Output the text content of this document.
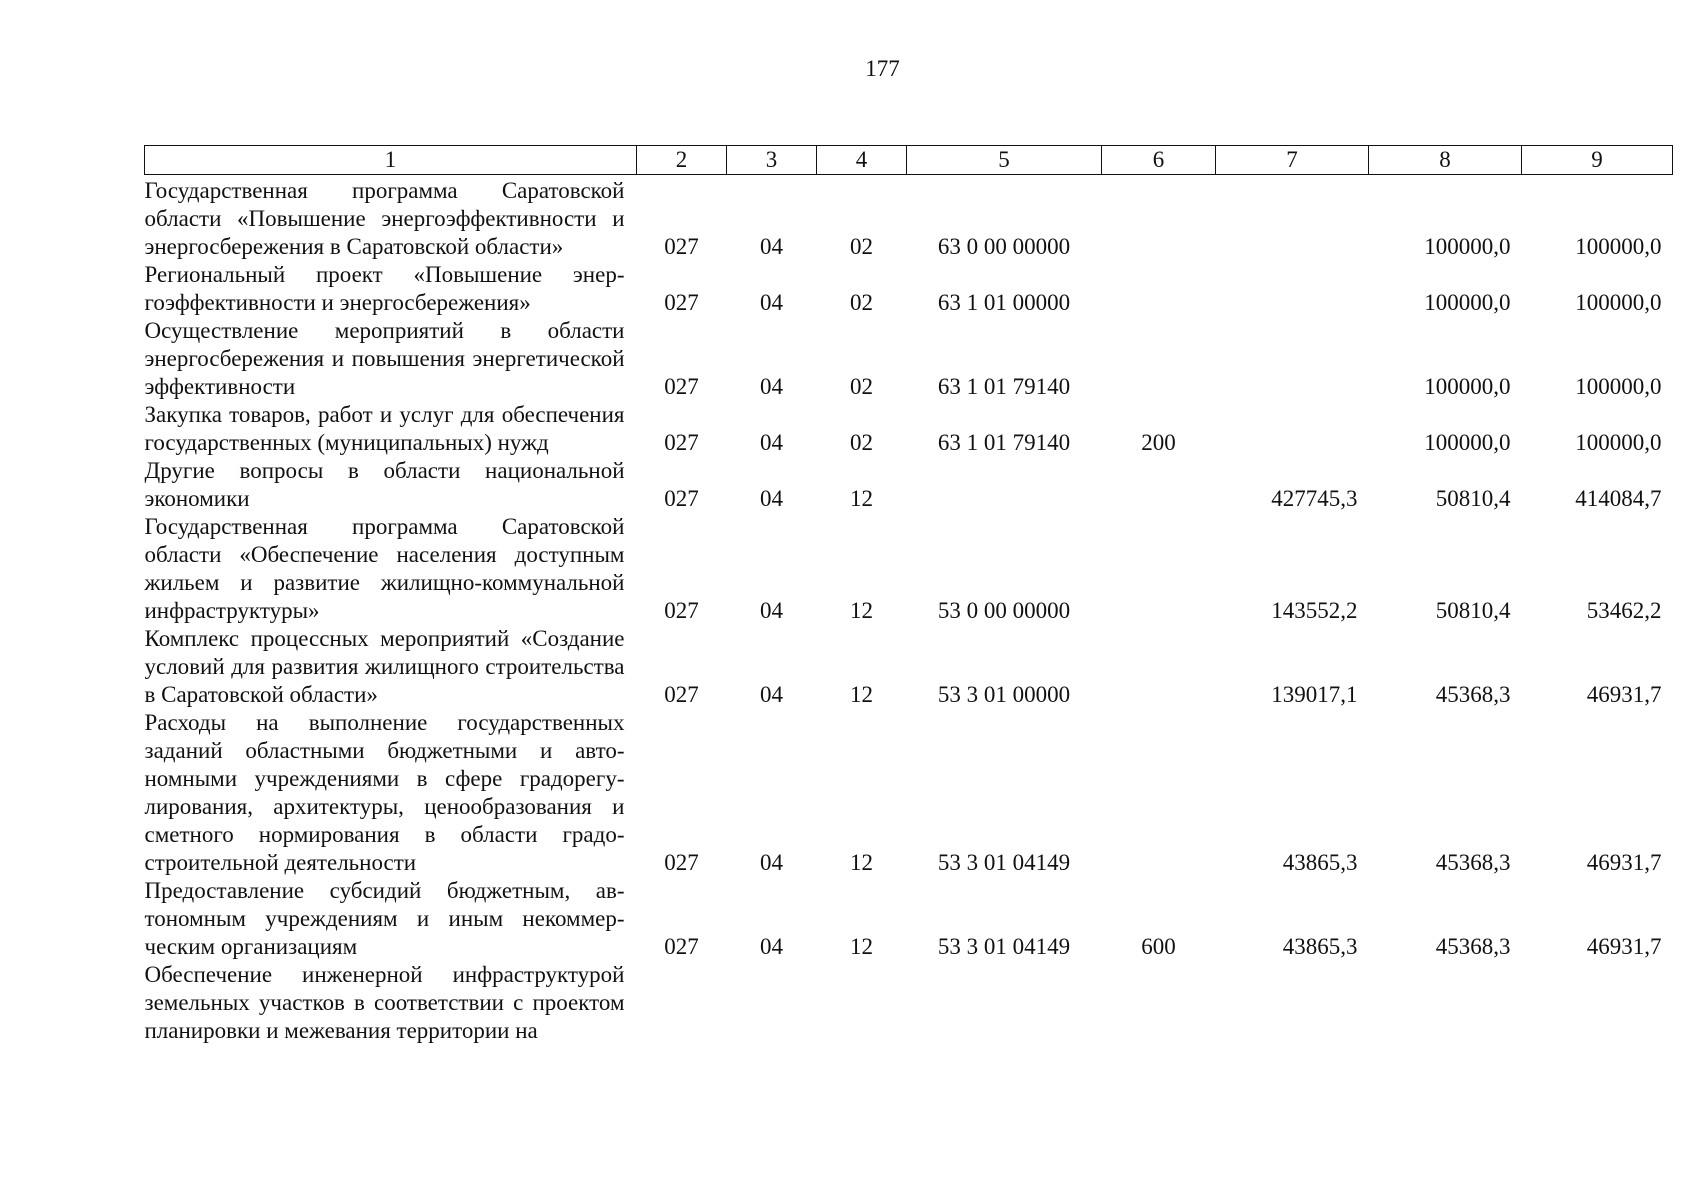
177
1	2	3	4	5	6	7	8	9
Государственная программа Саратовской области «Повышение энергоэффективности и энергосбережения в Саратовской области»	027	04	02	63 0 00 00000			100000,0	100000,0
Региональный проект «Повышение энергоэффективности и энергосбережения»	027	04	02	63 1 01 00000			100000,0	100000,0
Осуществление мероприятий в области энергосбережения и повышения энергетической эффективности	027	04	02	63 1 01 79140			100000,0	100000,0
Закупка товаров, работ и услуг для обеспечения государственных (муниципальных) нужд	027	04	02	63 1 01 79140	200		100000,0	100000,0
Другие вопросы в области национальной экономики	027	04	12			427745,3	50810,4	414084,7
Государственная программа Саратовской области «Обеспечение населения доступным жильем и развитие жилищно-коммунальной инфраструктуры»	027	04	12	53 0 00 00000		143552,2	50810,4	53462,2
Комплекс процессных мероприятий «Создание условий для развития жилищного строительства в Саратовской области»	027	04	12	53 3 01 00000		139017,1	45368,3	46931,7
Расходы на выполнение государственных заданий областными бюджетными и автономными учреждениями в сфере градорегулирования, архитектуры, ценообразования и сметного нормирования в области градостроительной деятельности	027	04	12	53 3 01 04149		43865,3	45368,3	46931,7
Предоставление субсидий бюджетным, автономным учреждениям и иным некоммерческим организациям	027	04	12	53 3 01 04149	600	43865,3	45368,3	46931,7
Обеспечение инженерной инфраструктурой земельных участков в соответствии с проектом планировки и межевания территории на								
